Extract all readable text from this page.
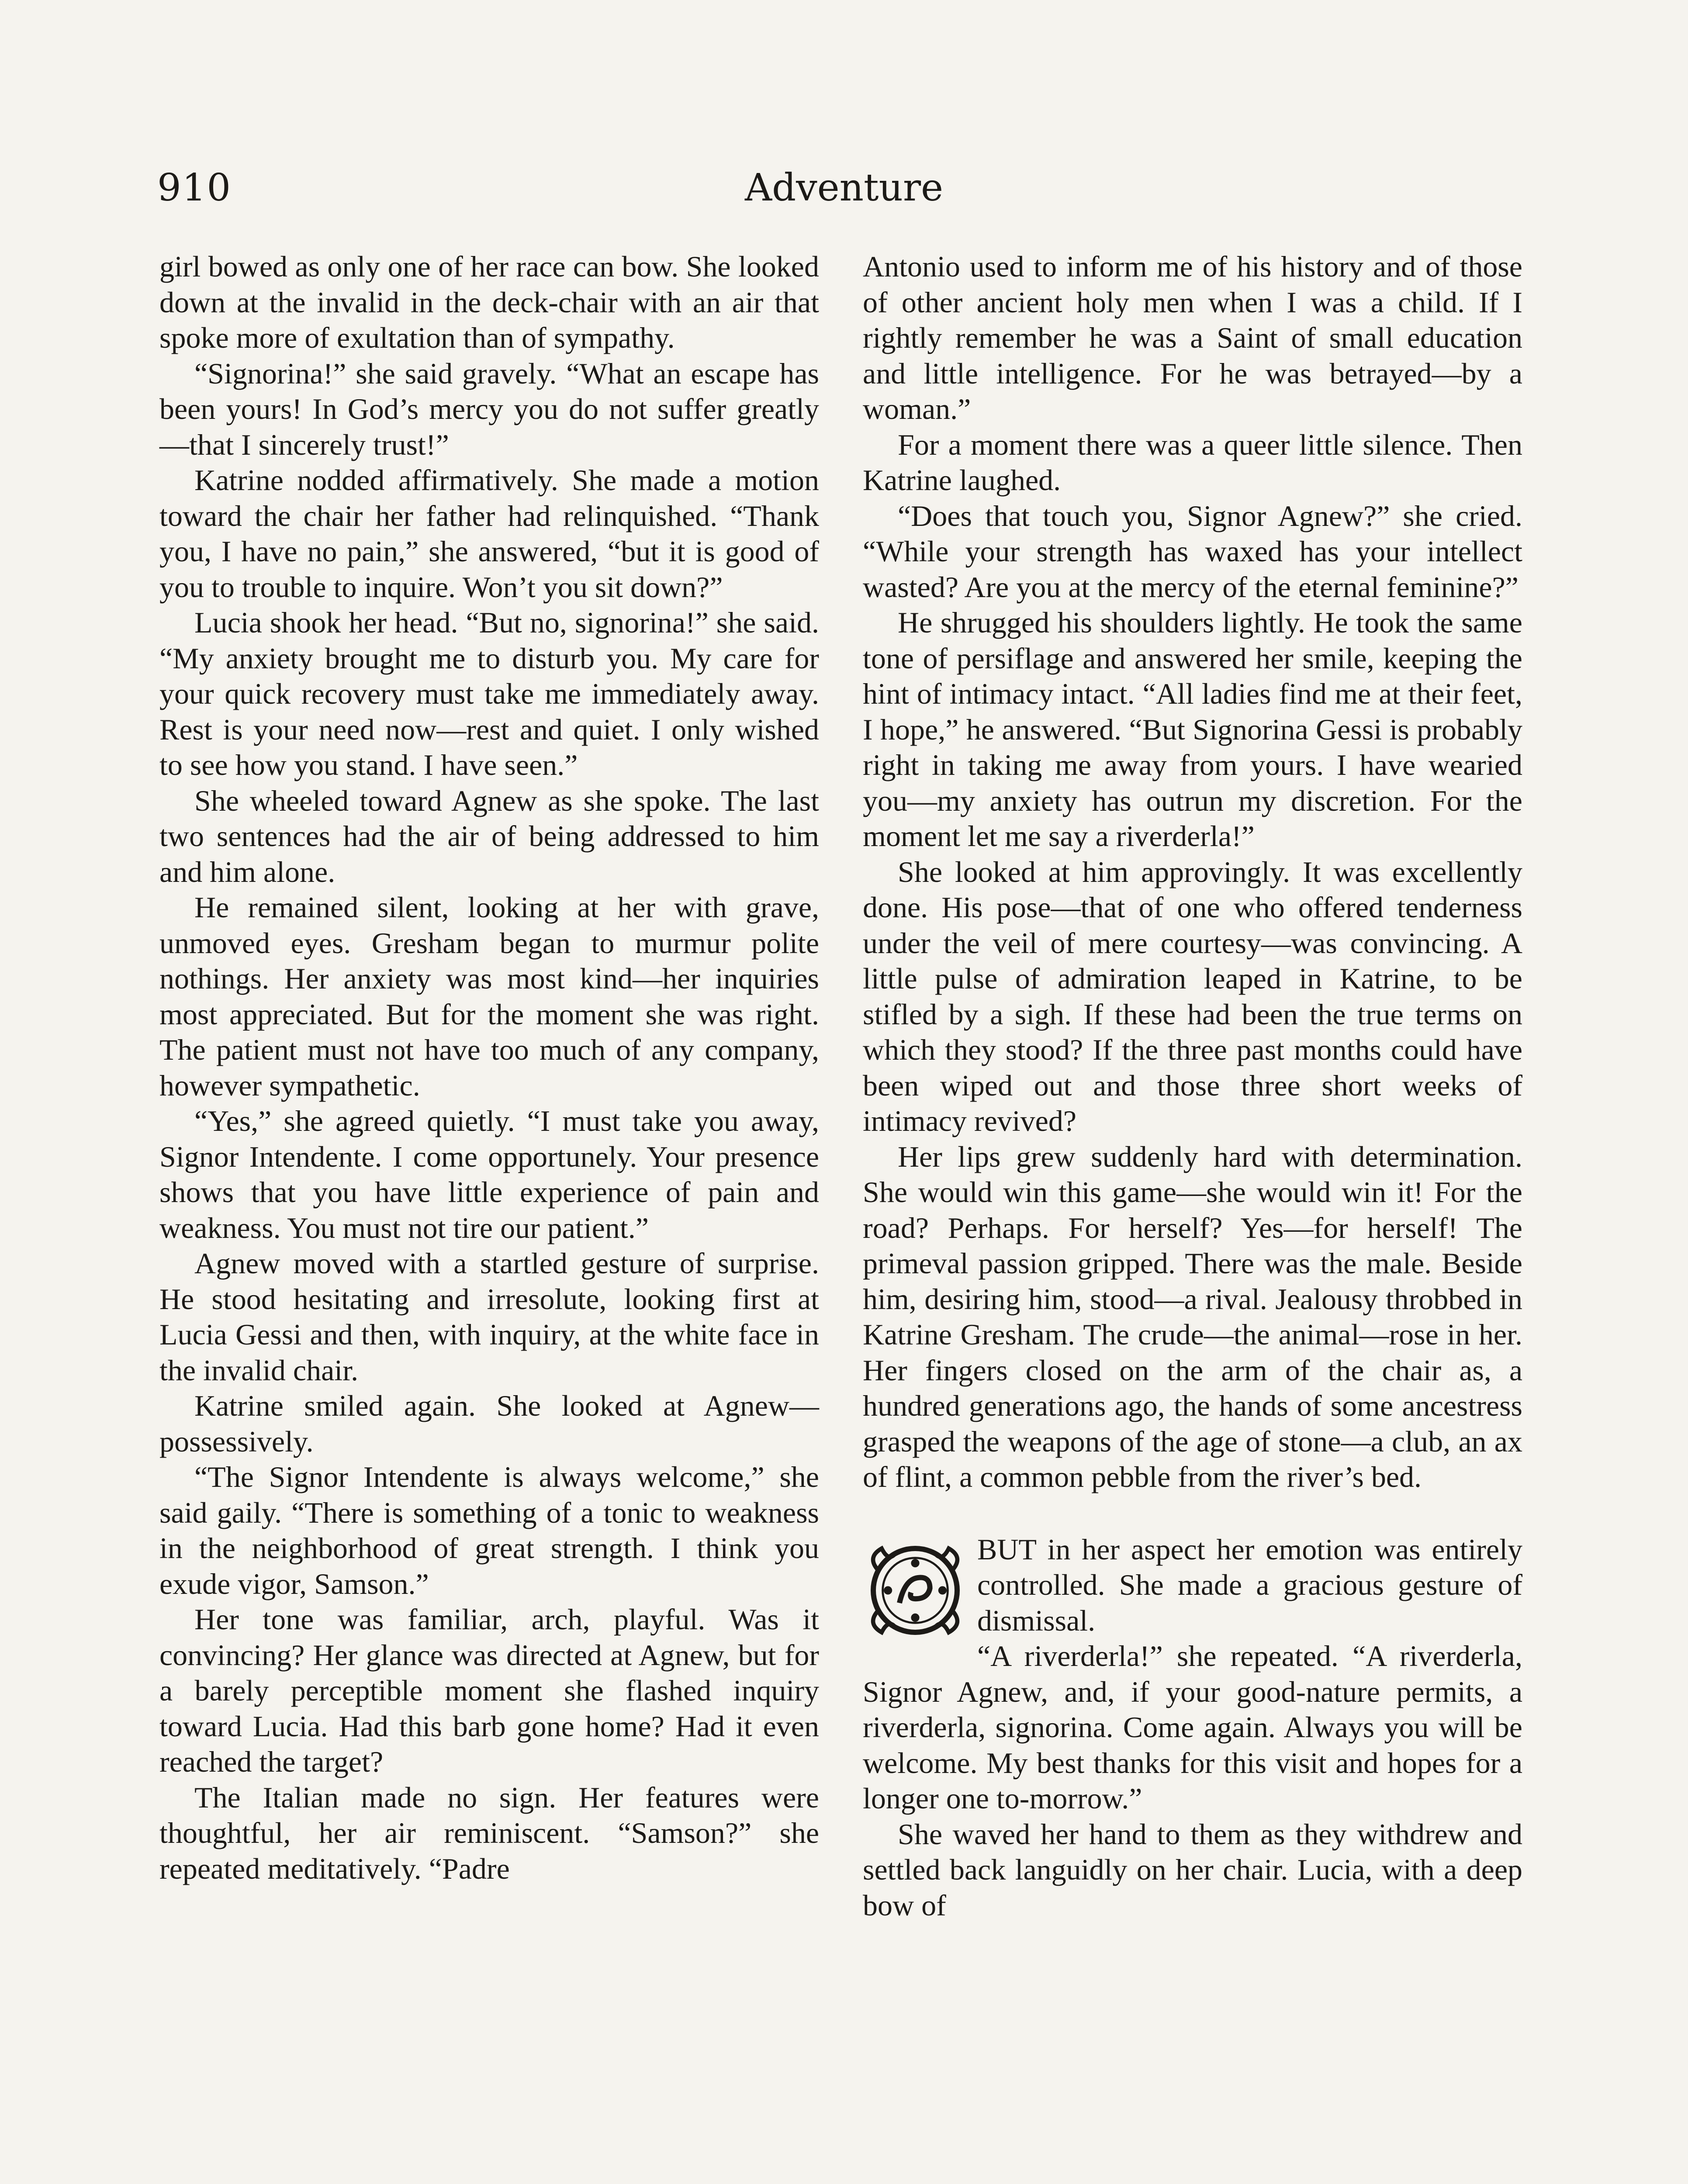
910	Adventure

girl bowed as only one of her race can bow. She looked down at the invalid in the deck-chair with an air that spoke more of exultation than of sympathy.

“Signorina!” she said gravely. “What an escape has been yours! In God’s mercy you do not suffer greatly—that I sincerely trust!”

Katrine nodded affirmatively. She made a motion toward the chair her father had relinquished. “Thank you, I have no pain,” she answered, “but it is good of you to trouble to inquire. Won’t you sit down?”

Lucia shook her head. “But no, signorina!” she said. “My anxiety brought me to disturb you. My care for your quick recovery must take me immediately away. Rest is your need now—rest and quiet. I only wished to see how you stand. I have seen.”

She wheeled toward Agnew as she spoke. The last two sentences had the air of being addressed to him and him alone.

He remained silent, looking at her with grave, unmoved eyes. Gresham began to murmur polite nothings. Her anxiety was most kind—her inquiries most appreciated. But for the moment she was right. The patient must not have too much of any company, however sympathetic.

“Yes,” she agreed quietly. “I must take you away, Signor Intendente. I come opportunely. Your presence shows that you have little experience of pain and weakness. You must not tire our patient.”

Agnew moved with a startled gesture of surprise. He stood hesitating and irresolute, looking first at Lucia Gessi and then, with inquiry, at the white face in the invalid chair.

Katrine smiled again. She looked at Agnew—possessively.

“The Signor Intendente is always welcome,” she said gaily. “There is something of a tonic to weakness in the neighborhood of great strength. I think you exude vigor, Samson.”

Her tone was familiar, arch, playful. Was it convincing? Her glance was directed at Agnew, but for a barely perceptible moment she flashed inquiry toward Lucia. Had this barb gone home? Had it even reached the target?

The Italian made no sign. Her features were thoughtful, her air reminiscent. “Samson?” she repeated meditatively. “Padre

Antonio used to inform me of his history and of those of other ancient holy men when I was a child. If I rightly remember he was a Saint of small education and little intelligence. For he was betrayed—by a woman.”

For a moment there was a queer little silence. Then Katrine laughed.

“Does that touch you, Signor Agnew?” she cried. “While your strength has waxed has your intellect wasted? Are you at the mercy of the eternal feminine?”

He shrugged his shoulders lightly. He took the same tone of persiflage and answered her smile, keeping the hint of intimacy intact. “All ladies find me at their feet, I hope,” he answered. “But Signorina Gessi is probably right in taking me away from yours. I have wearied you—my anxiety has outrun my discretion. For the moment let me say a riverderla!”

She looked at him approvingly. It was excellently done. His pose—that of one who offered tenderness under the veil of mere courtesy—was convincing. A little pulse of admiration leaped in Katrine, to be stifled by a sigh. If these had been the true terms on which they stood? If the three past months could have been wiped out and those three short weeks of intimacy revived?

Her lips grew suddenly hard with determination. She would win this game—she would win it! For the road? Perhaps. For herself? Yes—for herself! The primeval passion gripped. There was the male. Beside him, desiring him, stood—a rival. Jealousy throbbed in Katrine Gresham. The crude—the animal—rose in her. Her fingers closed on the arm of the chair as, a hundred generations ago, the hands of some ancestress grasped the weapons of the age of stone—a club, an ax of flint, a common pebble from the river’s bed.

BUT in her aspect her emotion was entirely controlled. She made a gracious gesture of dismissal.

“A riverderla!” she repeated. “A riverderla, Signor Agnew, and, if your good-nature permits, a riverderla, signorina. Come again. Always you will be welcome. My best thanks for this visit and hopes for a longer one to-morrow.”

She waved her hand to them as they withdrew and settled back languidly on her chair. Lucia, with a deep bow of
